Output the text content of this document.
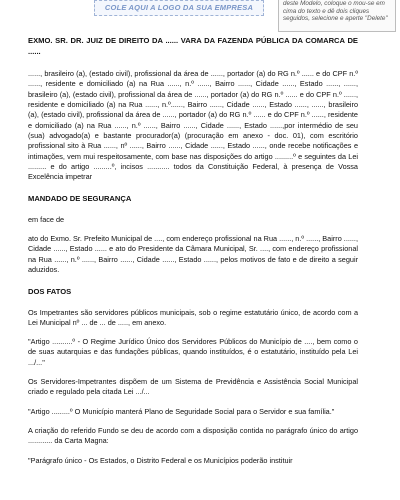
COLE AQUI A LOGO DA SUA EMPRESA	deste Modelo, coloque o mou-se em cima do texto e dê dois cliques seguidos, selecione e aperte "Delete"
EXMO. SR. DR. JUIZ DE DIREITO DA ...... VARA DA FAZENDA PÚBLICA DA COMARCA DE ......

......, brasileiro (a), (estado civil), profissional da área de ......, portador (a) do RG n.º ...... e do CPF n.º ......, residente e domiciliado (a) na Rua ......, n.º ......, Bairro ......, Cidade ......, Estado ......, ......, brasileiro (a), (estado civil), profissional da área de ......, portador (a) do RG n.º ...... e do CPF n.º ......, residente e domiciliado (a) na Rua ......, n.º......, Bairro ......, Cidade ......, Estado ......, ......, brasileiro (a), (estado civil), profissional da área de ......, portador (a) do RG n.º ...... e do CPF n.º ......, residente e domiciliado (a) na Rua ......, n.º ......, Bairro ......, Cidade ......, Estado ......,por intermédio de seu (sua) advogado(a) e bastante procurador(a) (procuração em anexo - doc. 01), com escritório profissional sito à Rua ......, nº ......, Bairro ......, Cidade ......, Estado ......, onde recebe notificações e intimações, vem mui respeitosamente, com base nas disposições do artigo .........º e seguintes da Lei ......... e do artigo .........º, incisos ........... todos da Constituição Federal, à presença de Vossa Excelência impetrar

MANDADO DE SEGURANÇA

em face de

ato do Exmo. Sr. Prefeito Municipal de ...., com endereço profissional na Rua ......, n.º ......, Bairro ......, Cidade ......, Estado ...... e ato do Presidente da Câmara Municipal, Sr. ...., com endereço profissional na Rua ......, n.º ......, Bairro ......, Cidade ......, Estado ......, pelos motivos de fato e de direito a seguir aduzidos.

DOS FATOS

Os Impetrantes são servidores públicos municipais, sob o regime estatutário único, de acordo com a Lei Municipal nº ... de ... de ....., em anexo.

"Artigo ..........º - O Regime Jurídico Único dos Servidores Públicos do Município de ...., bem como o de suas autarquias e das fundações públicas, quando instituídos, é o estatutário, instituído pela Lei .../..."

Os Servidores-Impetrantes dispõem de um Sistema de Previdência e Assistência Social Municipal criado e regulado pela citada Lei .../...

"Artigo .........º O Município manterá Plano de Seguridade Social para o Servidor e sua família."

A criação do referido Fundo se deu de acordo com a disposição contida no parágrafo único do artigo ............ da Carta Magna:

"Parágrafo único - Os Estados, o Distrito Federal e os Municípios poderão instituir
